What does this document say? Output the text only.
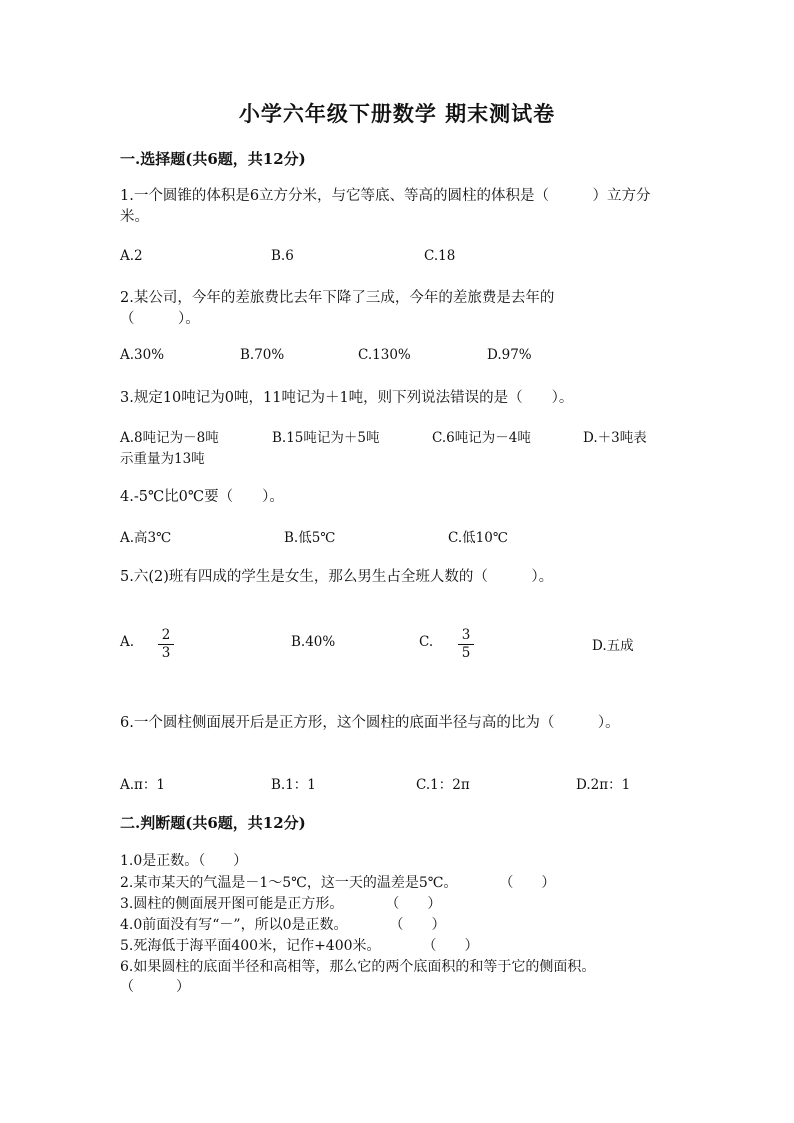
小学六年级下册数学 期末测试卷
一.选择题(共6题，共12分)
1.一个圆锥的体积是6立方分米，与它等底、等高的圆柱的体积是（　　　）立方分米。
A.2	B.6	C.18
2.某公司，今年的差旅费比去年下降了三成，今年的差旅费是去年的
（　　　）。
A.30%	B.70%	C.130%	D.97%
3.规定10吨记为0吨，11吨记为＋1吨，则下列说法错误的是（　　）。
A.8吨记为－8吨	B.15吨记为＋5吨	C.6吨记为－4吨	D.＋3吨表
示重量为13吨
4.-5℃比0℃要（　　）。
A.高3℃	B.低5℃	C.低10℃
5.六(2)班有四成的学生是女生，那么男生占全班人数的（　　　）。
A. $\frac{2}{3}$	B.40%	C. $\frac{3}{5}$	D.五成
6.一个圆柱侧面展开后是正方形，这个圆柱的底面半径与高的比为（　　　）。
A.π：1	B.1：1	C.1：2π	D.2π：1
二.判断题(共6题，共12分)
1.0是正数。（　　）
2.某市某天的气温是－1～5℃，这一天的温差是5℃。　　　　（　　）
3.圆柱的侧面展开图可能是正方形。　　　　（　　）
4.0前面没有写“－”，所以0是正数。　　　　（　　）
5.死海低于海平面400米，记作+400米。　　　　（　　）
6.如果圆柱的底面半径和高相等，那么它的两个底面积的和等于它的侧面积。
（　　　）
